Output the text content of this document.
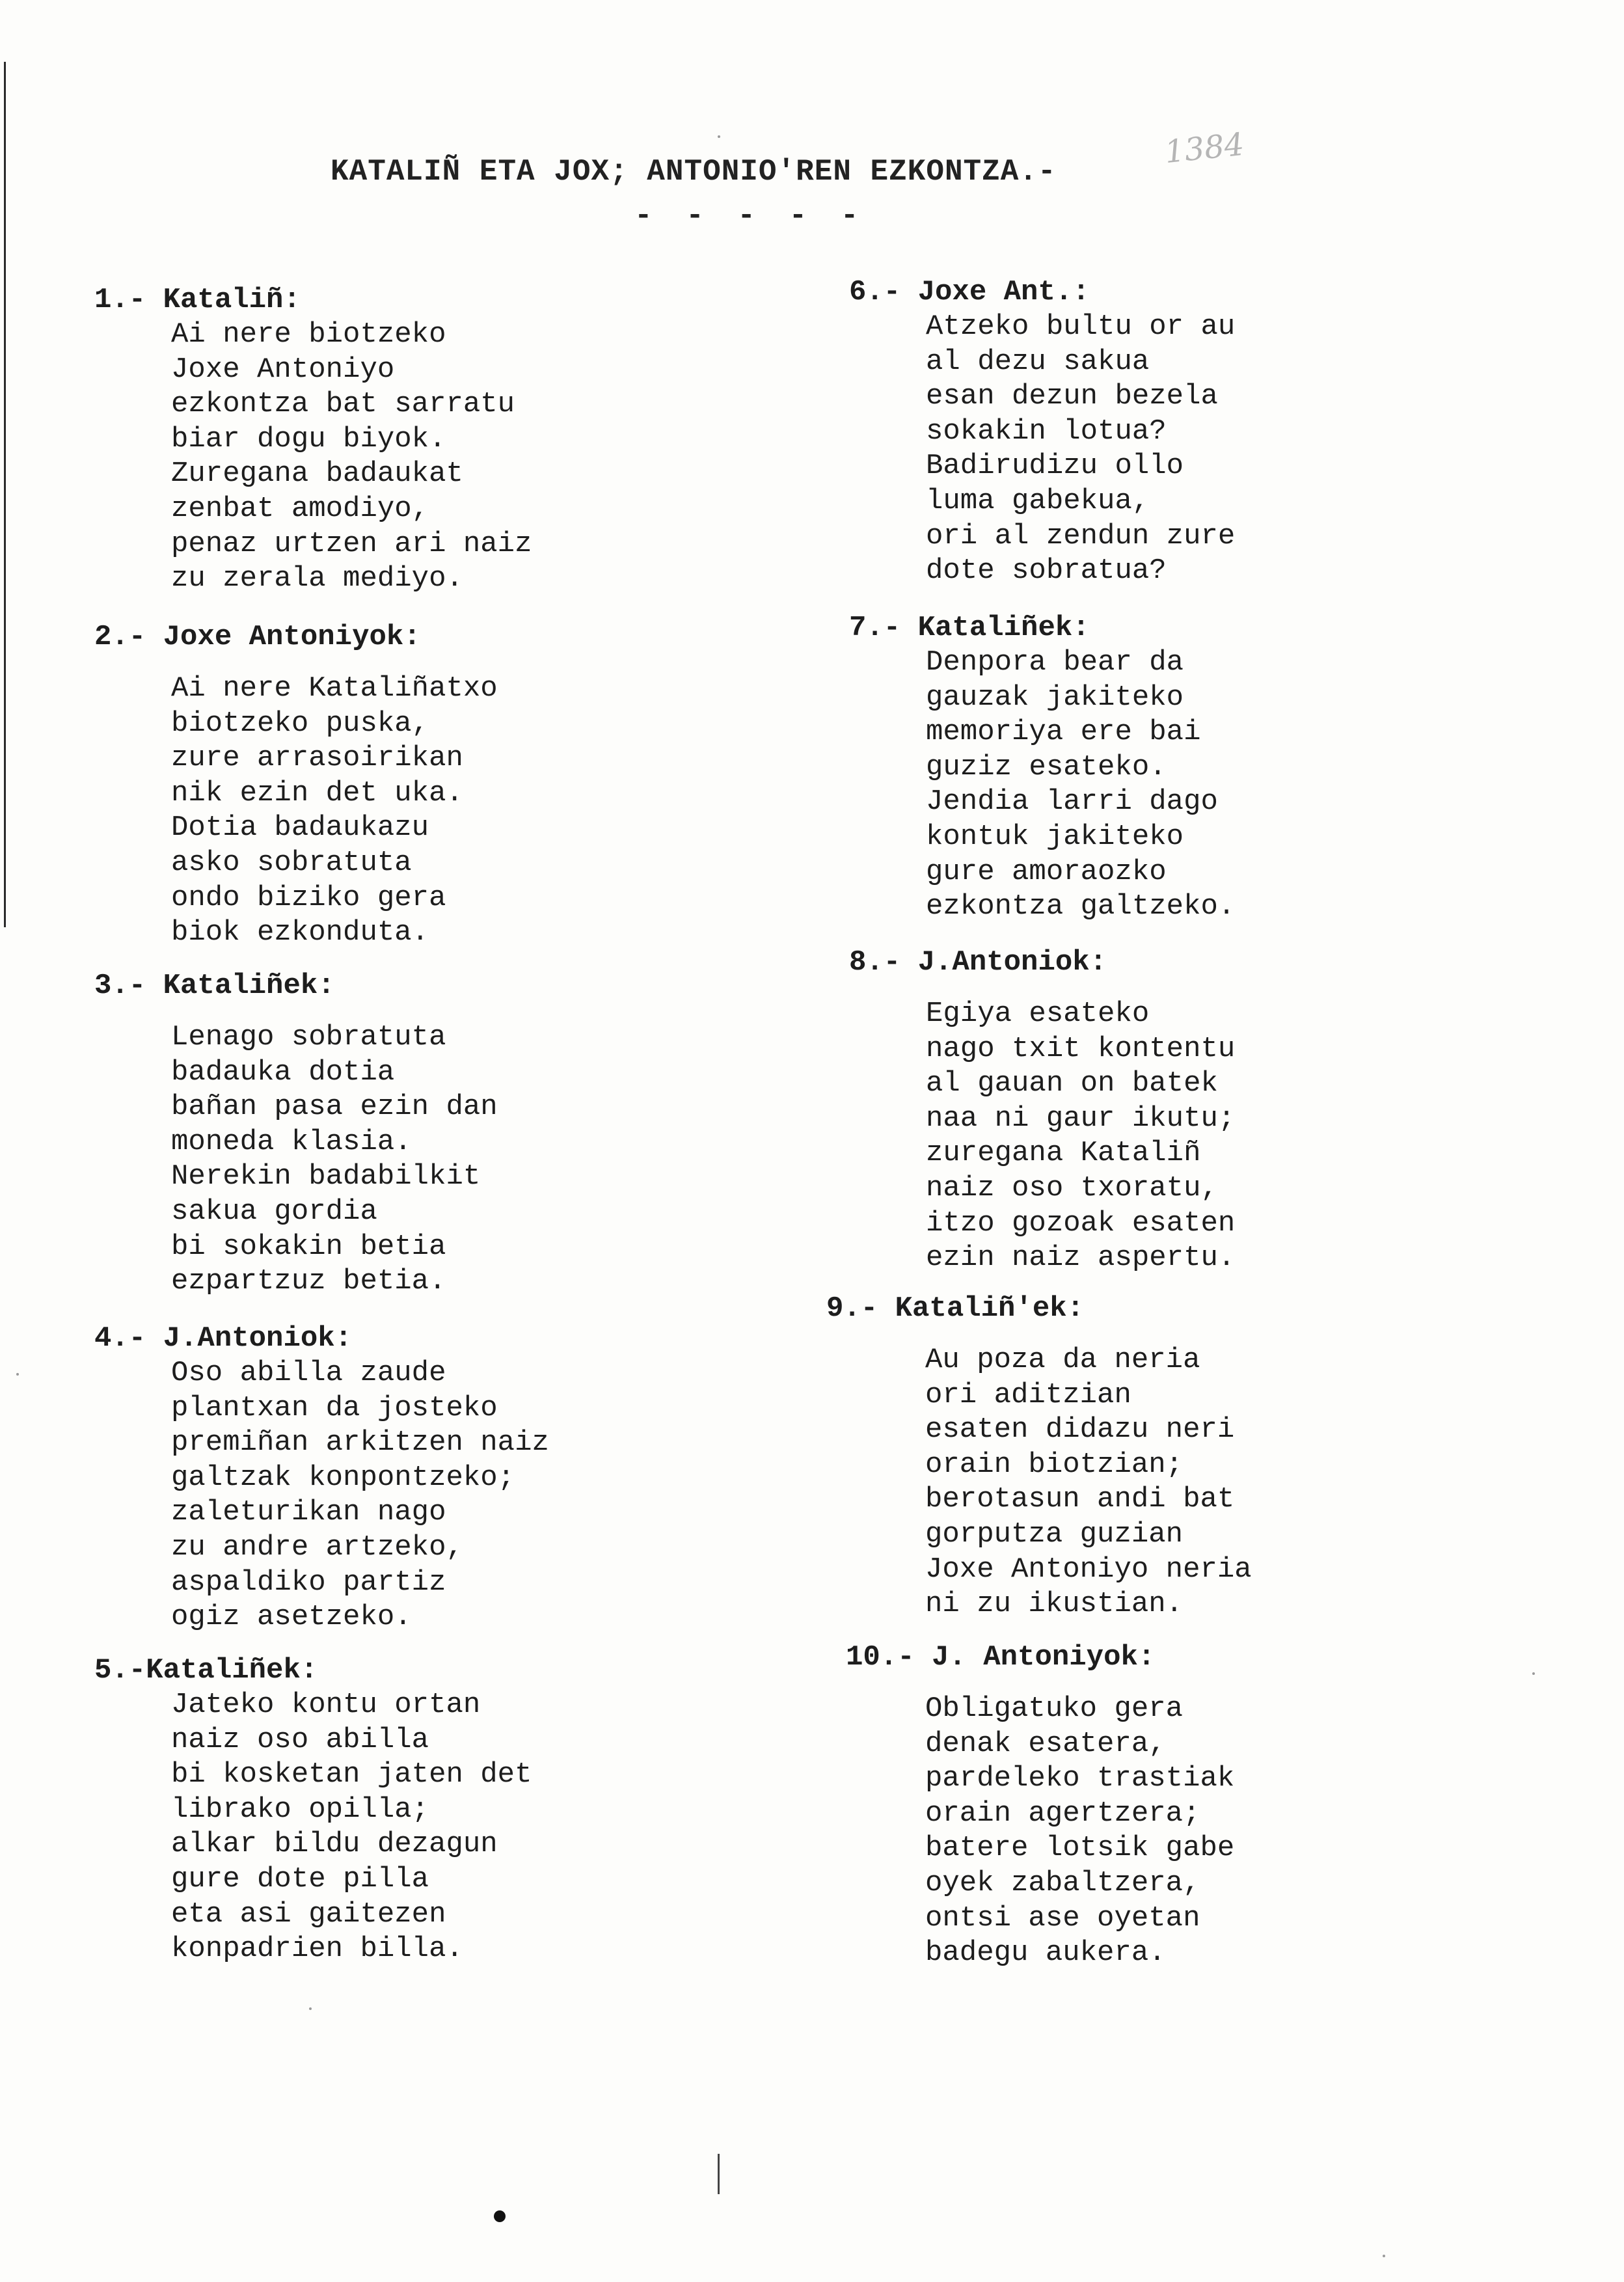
KATALIÑ ETA JOX; ANTONIO'REN EZKONTZA.-
- - - - -
1384
1.- Kataliñ:
Ai nere biotzeko
Joxe Antoniyo
ezkontza bat sarratu
biar dogu biyok.
Zuregana badaukat
zenbat amodiyo,
penaz urtzen ari naiz
zu zerala mediyo.
2.- Joxe Antoniyok:
Ai nere Kataliñatxo
biotzeko puska,
zure arrasoirikan
nik ezin det uka.
Dotia badaukazu
asko sobratuta
ondo biziko gera
biok ezkonduta.
3.- Kataliñek:
Lenago sobratuta
badauka dotia
bañan pasa ezin dan
moneda klasia.
Nerekin badabilkit
sakua gordia
bi sokakin betia
ezpartzuz betia.
4.- J.Antoniok:
Oso abilla zaude
plantxan da josteko
premiñan arkitzen naiz
galtzak konpontzeko;
zaleturikan nago
zu andre artzeko,
aspaldiko partiz
ogiz asetzeko.
5.-Kataliñek:
Jateko kontu ortan
naiz oso abilla
bi kosketan jaten det
librako opilla;
alkar bildu dezagun
gure dote pilla
eta asi gaitezen
konpadrien billa.
6.- Joxe Ant.:
Atzeko bultu or au
al dezu sakua
esan dezun bezela
sokakin lotua?
Badirudizu ollo
luma gabekua,
ori al zendun zure
dote sobratua?
7.- Kataliñek:
Denpora bear da
gauzak jakiteko
memoriya ere bai
guziz esateko.
Jendia larri dago
kontuk jakiteko
gure amoraozko
ezkontza galtzeko.
8.- J.Antoniok:
Egiya esateko
nago txit kontentu
al gauan on batek
naa ni gaur ikutu;
zuregana Kataliñ
naiz oso txoratu,
itzo gozoak esaten
ezin naiz aspertu.
9.- Kataliñ'ek:
Au poza da neria
ori aditzian
esaten didazu neri
orain biotzian;
berotasun andi bat
gorputza guzian
Joxe Antoniyo neria
ni zu ikustian.
10.- J. Antoniyok:
Obligatuko gera
denak esatera,
pardeleko trastiak
orain agertzera;
batere lotsik gabe
oyek zabaltzera,
ontsi ase oyetan
badegu aukera.
